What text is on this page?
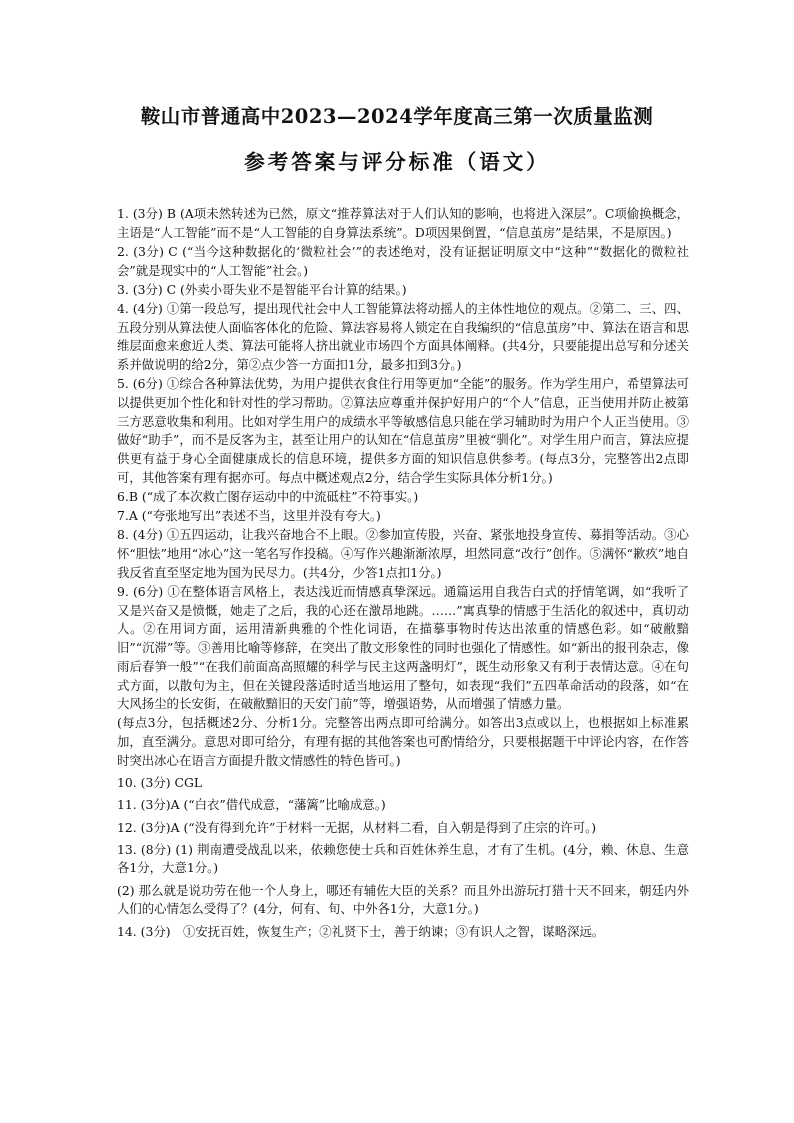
鞍山市普通高中2023—2024学年度高三第一次质量监测
参考答案与评分标准（语文）

1. (3分) B (A项未然转述为已然，原文“推荐算法对于人们认知的影响，也将进入深层”。C项偷换概念，主语是“人工智能”而不是“人工智能的自身算法系统”。D项因果倒置，“信息茧房”是结果，不是原因。)

2. (3分) C (“当今这种数据化的‘微粒社会’”的表述绝对，没有证据证明原文中“这种”“数据化的微粒社会”就是现实中的“人工智能”社会。)

3. (3分) C (外卖小哥失业不是智能平台计算的结果。)

4. (4分) ①第一段总写，提出现代社会中人工智能算法将动摇人的主体性地位的观点。②第二、三、四、五段分别从算法使人面临客体化的危险、算法容易将人锁定在自我编织的“信息茧房”中、算法在语言和思维层面愈来愈近人类、算法可能将人挤出就业市场四个方面具体阐释。(共4分，只要能提出总写和分述关系并做说明的给2分，第②点少答一方面扣1分，最多扣到3分。)

5. (6分) ①综合各种算法优势，为用户提供衣食住行用等更加“全能”的服务。作为学生用户，希望算法可以提供更加个性化和针对性的学习帮助。②算法应尊重并保护好用户的“个人”信息，正当使用并防止被第三方恶意收集和利用。比如对学生用户的成绩水平等敏感信息只能在学习辅助时为用户个人正当使用。③做好“助手”，而不是反客为主，甚至让用户的认知在“信息茧房”里被“驯化”。对学生用户而言，算法应提供更有益于身心全面健康成长的信息环境，提供多方面的知识信息供参考。(每点3分，完整答出2点即可，其他答案有理有据亦可。每点中概述观点2分，结合学生实际具体分析1分。)

6.B (“成了本次救亡图存运动中的中流砥柱”不符事实。)

7.A (“夸张地写出”表述不当，这里并没有夸大。)

8. (4分) ①五四运动，让我兴奋地合不上眼。②参加宣传股，兴奋、紧张地投身宣传、募捐等活动。③心怀“胆怯”地用“冰心”这一笔名写作投稿。④写作兴趣渐渐浓厚，坦然同意“改行”创作。⑤满怀“歉疚”地自我反省直至坚定地为国为民尽力。(共4分，少答1点扣1分。)

9. (6分) ①在整体语言风格上，表达浅近而情感真挚深远。通篇运用自我告白式的抒情笔调，如“我听了又是兴奋又是愤慨，她走了之后，我的心还在激昂地跳。……”寓真挚的情感于生活化的叙述中，真切动人。②在用词方面，运用清新典雅的个性化词语，在描摹事物时传达出浓重的情感色彩。如“破敝黯旧”“沉滞”等。③善用比喻等修辞，在突出了散文形象性的同时也强化了情感性。如“新出的报刊杂志，像雨后春笋一般”“在我们前面高高照耀的科学与民主这两盏明灯”，既生动形象又有利于表情达意。④在句式方面，以散句为主，但在关键段落适时适当地运用了整句，如表现“我们”五四革命活动的段落，如“在大风扬尘的长安街，在破敝黯旧的天安门前”等，增强语势，从而增强了情感力量。

(每点3分，包括概述2分、分析1分。完整答出两点即可给满分。如答出3点或以上，也根据如上标准累加，直至满分。意思对即可给分，有理有据的其他答案也可酌情给分，只要根据题干中评论内容，在作答时突出冰心在语言方面提升散文情感性的特色皆可。)

10. (3分) CGL

11. (3分)A (“白衣”借代成意，“藩篱”比喻成意。)

12. (3分)A (“没有得到允许”于材料一无据，从材料二看，自入朝是得到了庄宗的许可。)

13. (8分) (1) 荆南遭受战乱以来，依赖您使士兵和百姓休养生息，才有了生机。(4分，赖、休息、生意各1分，大意1分。)

(2) 那么就是说功劳在他一个人身上，哪还有辅佐大臣的关系？而且外出游玩打猎十天不回来，朝廷内外人们的心情怎么受得了？(4分，何有、旬、中外各1分，大意1分。)

14. (3分)　①安抚百姓，恢复生产；②礼贤下士，善于纳谏；③有识人之智，谋略深远。
